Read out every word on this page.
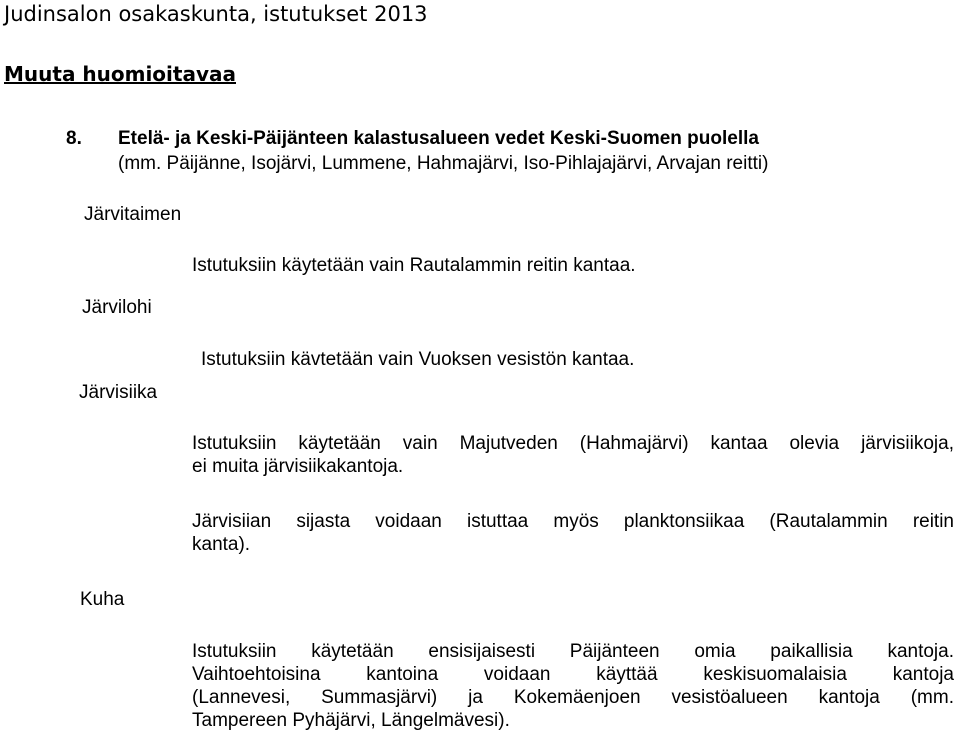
Judinsalon osakaskunta, istutukset 2013
Muuta huomioitavaa
8. Etelä- ja Keski-Päijänteen kalastusalueen vedet Keski-Suomen puolella
(mm. Päijänne, Isojärvi, Lummene, Hahmajärvi, Iso-Pihlajajärvi, Arvajan reitti)
Järvitaimen
Istutuksiin käytetään vain Rautalammin reitin kantaa.
Järvilohi
Istutuksiin kävtetään vain Vuoksen vesistön kantaa.
Järvisiika
Istutuksiin käytetään vain Majutveden (Hahmajärvi) kantaa olevia järvisiikoja,
ei muita järvisiikakantoja.
Järvisiian sijasta voidaan istuttaa myös planktonsiikaa (Rautalammin reitin
kanta).
Kuha
Istutuksiin käytetään ensisijaisesti Päijänteen omia paikallisia kantoja.
Vaihtoehtoisina kantoina voidaan käyttää keskisuomalaisia kantoja
(Lannevesi, Summasjärvi) ja Kokemäenjoen vesistöalueen kantoja (mm.
Tampereen Pyhäjärvi, Längelmävesi).
